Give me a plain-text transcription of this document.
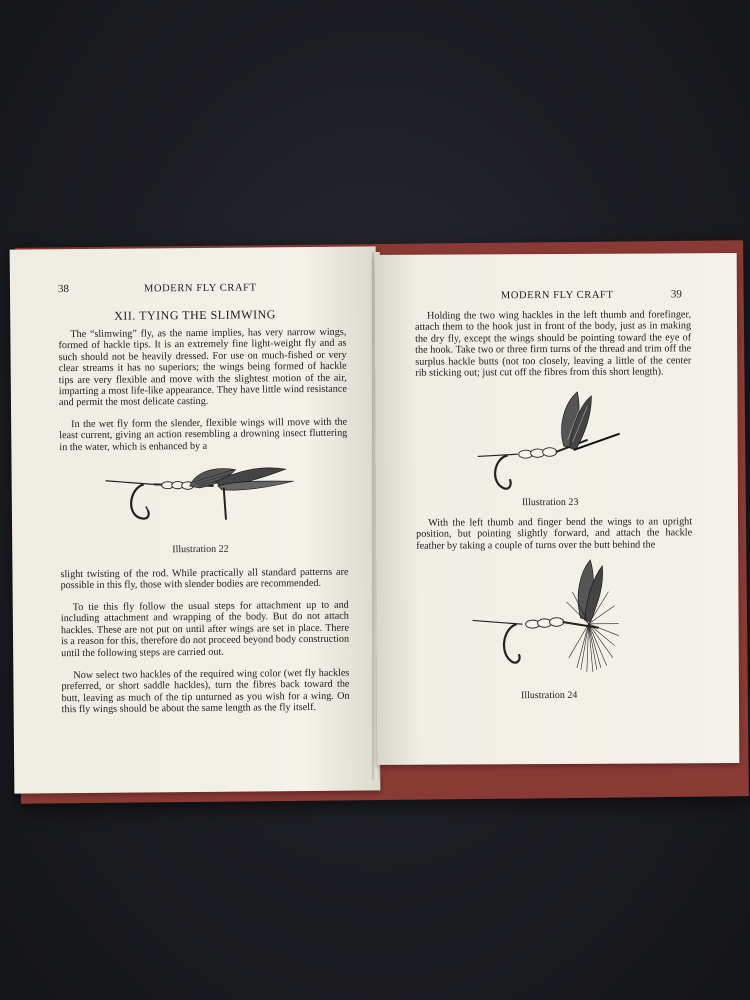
38	MODERN FLY CRAFT
XII. TYING THE SLIMWING

The “slimwing” fly, as the name implies, has very narrow wings, formed of hackle tips. It is an extremely fine light-weight fly and as such should not be heavily dressed. For use on much-fished or very clear streams it has no superiors; the wings being formed of hackle tips are very flexible and move with the slightest motion of the air, imparting a most life-like appearance. They have little wind resistance and permit the most delicate casting.

In the wet fly form the slender, flexible wings will move with the least current, giving an action resembling a drowning insect fluttering in the water, which is enhanced by a

Illustration 22

slight twisting of the rod. While practically all standard patterns are possible in this fly, those with slender bodies are recommended.

To tie this fly follow the usual steps for attachment up to and including attachment and wrapping of the body. But do not attach hackles. These are not put on until after wings are set in place. There is a reason for this, therefore do not proceed beyond body construction until the following steps are carried out.

Now select two hackles of the required wing color (wet fly hackles preferred, or short saddle hackles), turn the fibres back toward the butt, leaving as much of the tip unturned as you wish for a wing. On this fly wings should be about the same length as the fly itself.

MODERN FLY CRAFT	39

Holding the two wing hackles in the left thumb and forefinger, attach them to the hook just in front of the body, just as in making the dry fly, except the wings should be pointing toward the eye of the hook. Take two or three firm turns of the thread and trim off the surplus hackle butts (not too closely, leaving a little of the center rib sticking out; just cut off the fibres from this short length).

Illustration 23

With the left thumb and finger bend the wings to an upright position, but pointing slightly forward, and attach the hackle feather by taking a couple of turns over the butt behind the

Illustration 24
